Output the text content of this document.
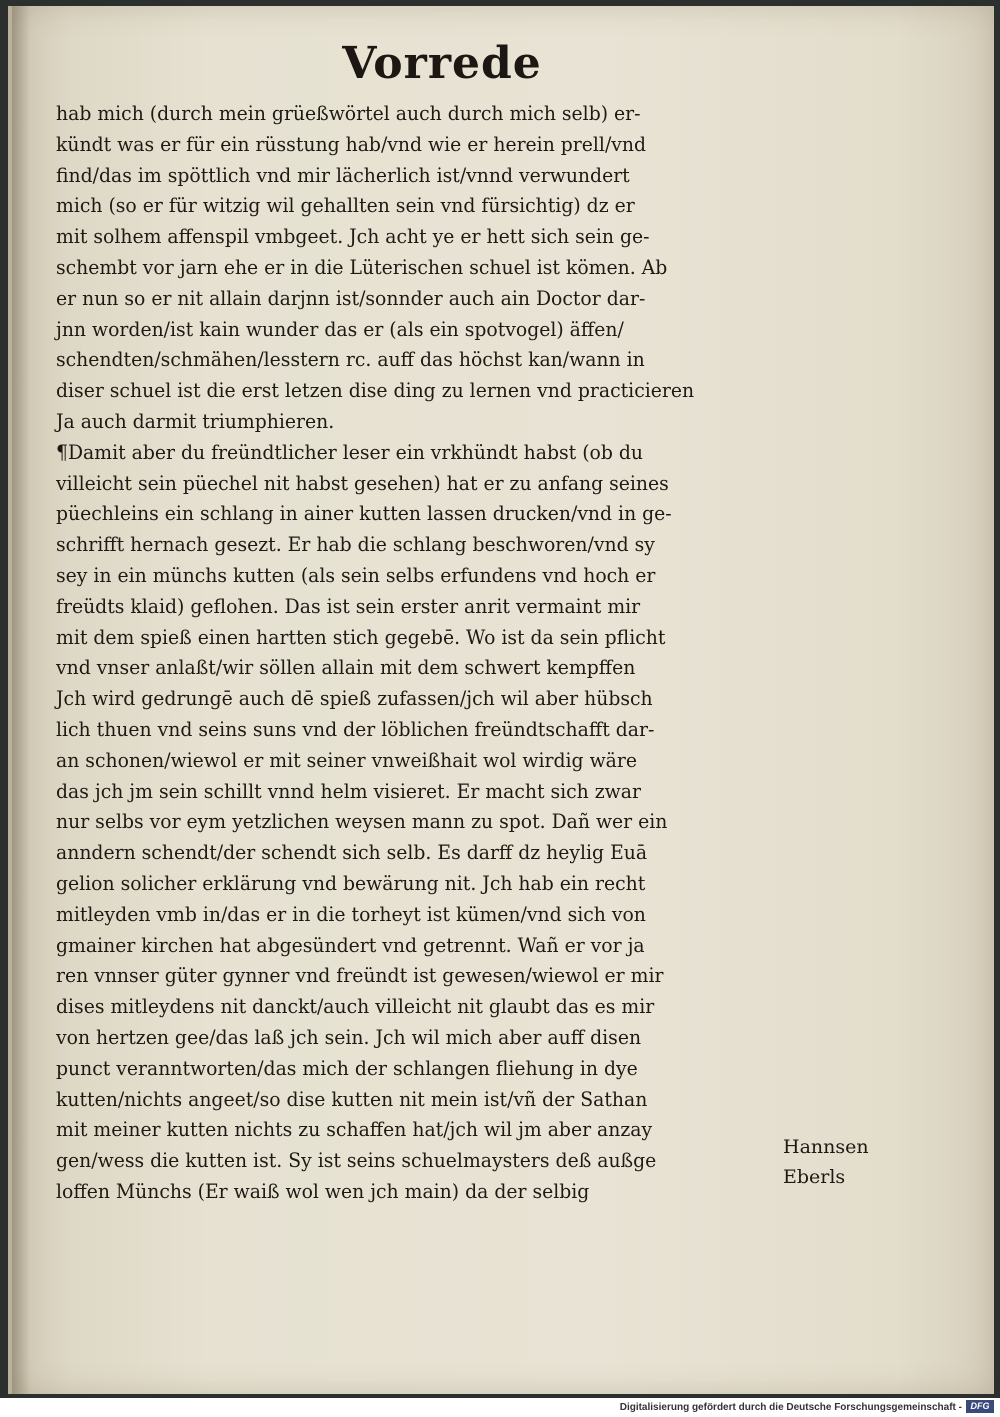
Vorrede
hab mich (durch mein grüeßwörtel auch durch mich selb) er-
kündt was er für ein rüsstung hab/vnd wie er herein prell/vnd
find/das im spöttlich vnd mir lächerlich ist/vnnd verwundert
mich (so er für witzig wil gehallten sein vnd fürsichtig) dz er
mit solhem affenspil vmbgeet. Jch acht ye er hett sich sein ge-
schembt vor jarn ehe er in die Lüterischen schuel ist kömen. Ab
er nun so er nit allain darjnn ist/sonnder auch ain Doctor dar-
jnn worden/ist kain wunder das er (als ein spotvogel) äffen/
schendten/schmähen/lesstern rc. auff das höchst kan/wann in
diser schuel ist die erst letzen dise ding zu lernen vnd practicieren
Ja auch darmit triumphieren.
¶Damit aber du freündtlicher leser ein vrkhündt habst (ob du
villeicht sein püechel nit habst gesehen) hat er zu anfang seines
püechleins ein schlang in ainer kutten lassen drucken/vnd in ge-
schrifft hernach gesezt. Er hab die schlang beschworen/vnd sy
sey in ein münchs kutten (als sein selbs erfundens vnd hoch er
freüdts klaid) geflohen. Das ist sein erster anrit vermaint mir
mit dem spieß einen hartten stich gegebē. Wo ist da sein pflicht
vnd vnser anlaßt/wir söllen allain mit dem schwert kempffen
Jch wird gedrungē auch dē spieß zufassen/jch wil aber hübsch
lich thuen vnd seins suns vnd der löblichen freündtschafft dar-
an schonen/wiewol er mit seiner vnweißhait wol wirdig wäre
das jch jm sein schillt vnnd helm visieret. Er macht sich zwar
nur selbs vor eym yetzlichen weysen mann zu spot. Dañ wer ein
anndern schendt/der schendt sich selb. Es darff dz heylig Euā
gelion solicher erklärung vnd bewärung nit. Jch hab ein recht
mitleyden vmb in/das er in die torheyt ist kümen/vnd sich von
gmainer kirchen hat abgesündert vnd getrennt. Wañ er vor ja
ren vnnser güter gynner vnd freündt ist gewesen/wiewol er mir
dises mitleydens nit danckt/auch villeicht nit glaubt das es mir
von hertzen gee/das laß jch sein. Jch wil mich aber auff disen
punct veranntworten/das mich der schlangen fliehung in dye
kutten/nichts angeet/so dise kutten nit mein ist/vñ der Sathan
mit meiner kutten nichts zu schaffen hat/jch wil jm aber anzay
gen/wess die kutten ist. Sy ist seins schuelmaysters deß außge
loffen Münchs (Er waiß wol wen jch main) da der selbig
Hannsen
Eberls
Digitalisierung gefördert durch die Deutsche Forschungsgemeinschaft - DFG
